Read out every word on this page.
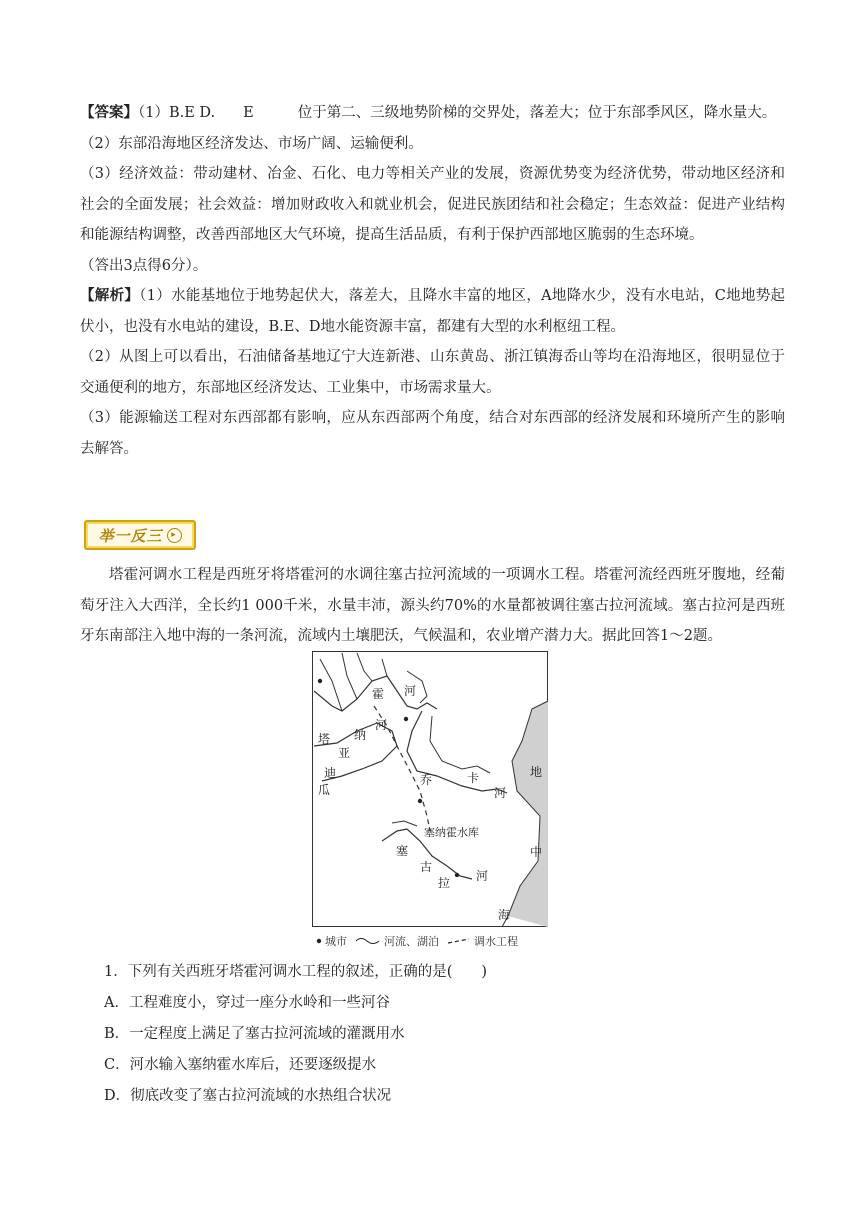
【答案】（1）B.E D. E	位于第二、三级地势阶梯的交界处，落差大；位于东部季风区，降水量大。

（2）东部沿海地区经济发达、市场广阔、运输便利。

（3）经济效益：带动建材、冶金、石化、电力等相关产业的发展，资源优势变为经济优势，带动地区经济和社会的全面发展；社会效益：增加财政收入和就业机会，促进民族团结和社会稳定；生态效益：促进产业结构和能源结构调整，改善西部地区大气环境，提高生活品质，有利于保护西部地区脆弱的生态环境。

（答出3点得6分）。

【解析】（1）水能基地位于地势起伏大，落差大，且降水丰富的地区，A地降水少，没有水电站，C地地势起伏小，也没有水电站的建设，B.E、D地水能资源丰富，都建有大型的水利枢纽工程。

（2）从图上可以看出，石油储备基地辽宁大连新港、山东黄岛、浙江镇海岙山等均在沿海地区，很明显位于交通便利的地方，东部地区经济发达、工业集中，市场需求量大。

（3）能源输送工程对东西部都有影响，应从东西部两个角度，结合对东西部的经济发展和环境所产生的影响去解答。

举一反三 ▸

塔霍河调水工程是西班牙将塔霍河的水调往塞古拉河流域的一项调水工程。塔霍河流经西班牙腹地，经葡萄牙注入大西洋，全长约1 000千米，水量丰沛，源头约70%的水量都被调往塞古拉河流域。塞古拉河是西班牙东南部注入地中海的一条河流，流域内土壤肥沃，气候温和，农业增产潜力大。据此回答1～2题。

霍 河
河
塔 纳
亚
迪
瓜
乔	卡
河
地
中
海
塞
古
拉 河
塞纳霍水库
城市	河流、湖泊	调水工程

1．下列有关西班牙塔霍河调水工程的叙述，正确的是(　　)

A．工程难度小，穿过一座分水岭和一些河谷

B．一定程度上满足了塞古拉河流域的灌溉用水

C．河水输入塞纳霍水库后，还要逐级提水

D．彻底改变了塞古拉河流域的水热组合状况
